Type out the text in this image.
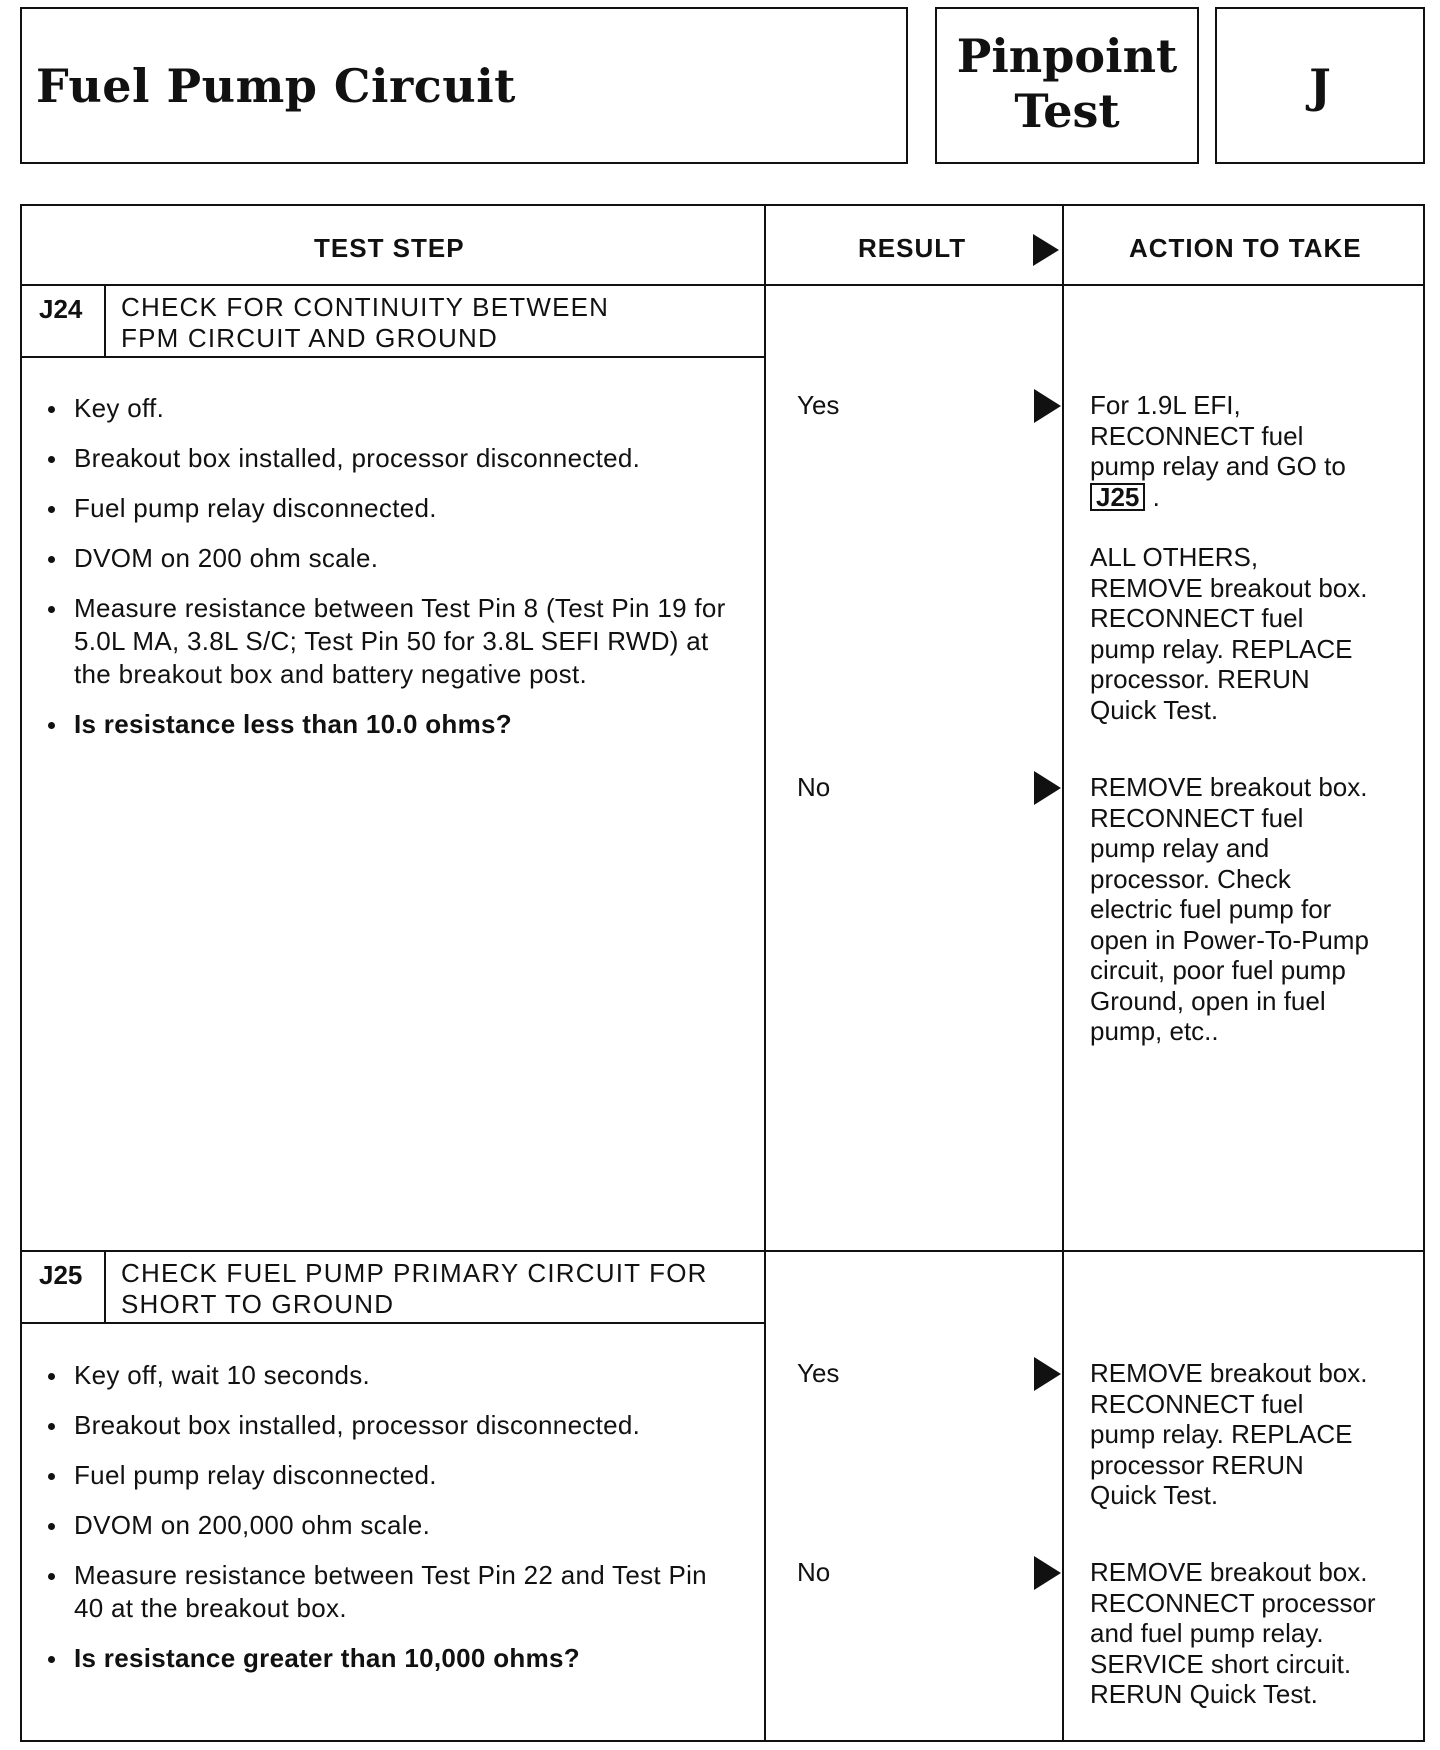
Fuel Pump Circuit
Pinpoint
Test	J
TEST STEP	RESULT	ACTION TO TAKE
J24 CHECK FOR CONTINUITY BETWEEN
FPM CIRCUIT AND GROUND
Key off.
Breakout box installed, processor disconnected.
Fuel pump relay disconnected.
DVOM on 200 ohm scale.
Measure resistance between Test Pin 8 (Test Pin 19 for 5.0L MA, 3.8L S/C; Test Pin 50 for 3.8L SEFI RWD) at the breakout box and battery negative post.
Is resistance less than 10.0 ohms?
Yes	For 1.9L EFI,
RECONNECT fuel
pump relay and GO to
J25 .
ALL OTHERS,
REMOVE breakout box.
RECONNECT fuel
pump relay. REPLACE
processor. RERUN
Quick Test.
No	REMOVE breakout box.
RECONNECT fuel
pump relay and
processor. Check
electric fuel pump for
open in Power-To-Pump
circuit, poor fuel pump
Ground, open in fuel
pump, etc..
J25 CHECK FUEL PUMP PRIMARY CIRCUIT FOR
SHORT TO GROUND
Key off, wait 10 seconds.
Breakout box installed, processor disconnected.
Fuel pump relay disconnected.
DVOM on 200,000 ohm scale.
Measure resistance between Test Pin 22 and Test Pin 40 at the breakout box.
Is resistance greater than 10,000 ohms?
Yes	REMOVE breakout box.
RECONNECT fuel
pump relay. REPLACE
processor RERUN
Quick Test.
No	REMOVE breakout box.
RECONNECT processor
and fuel pump relay.
SERVICE short circuit.
RERUN Quick Test.
